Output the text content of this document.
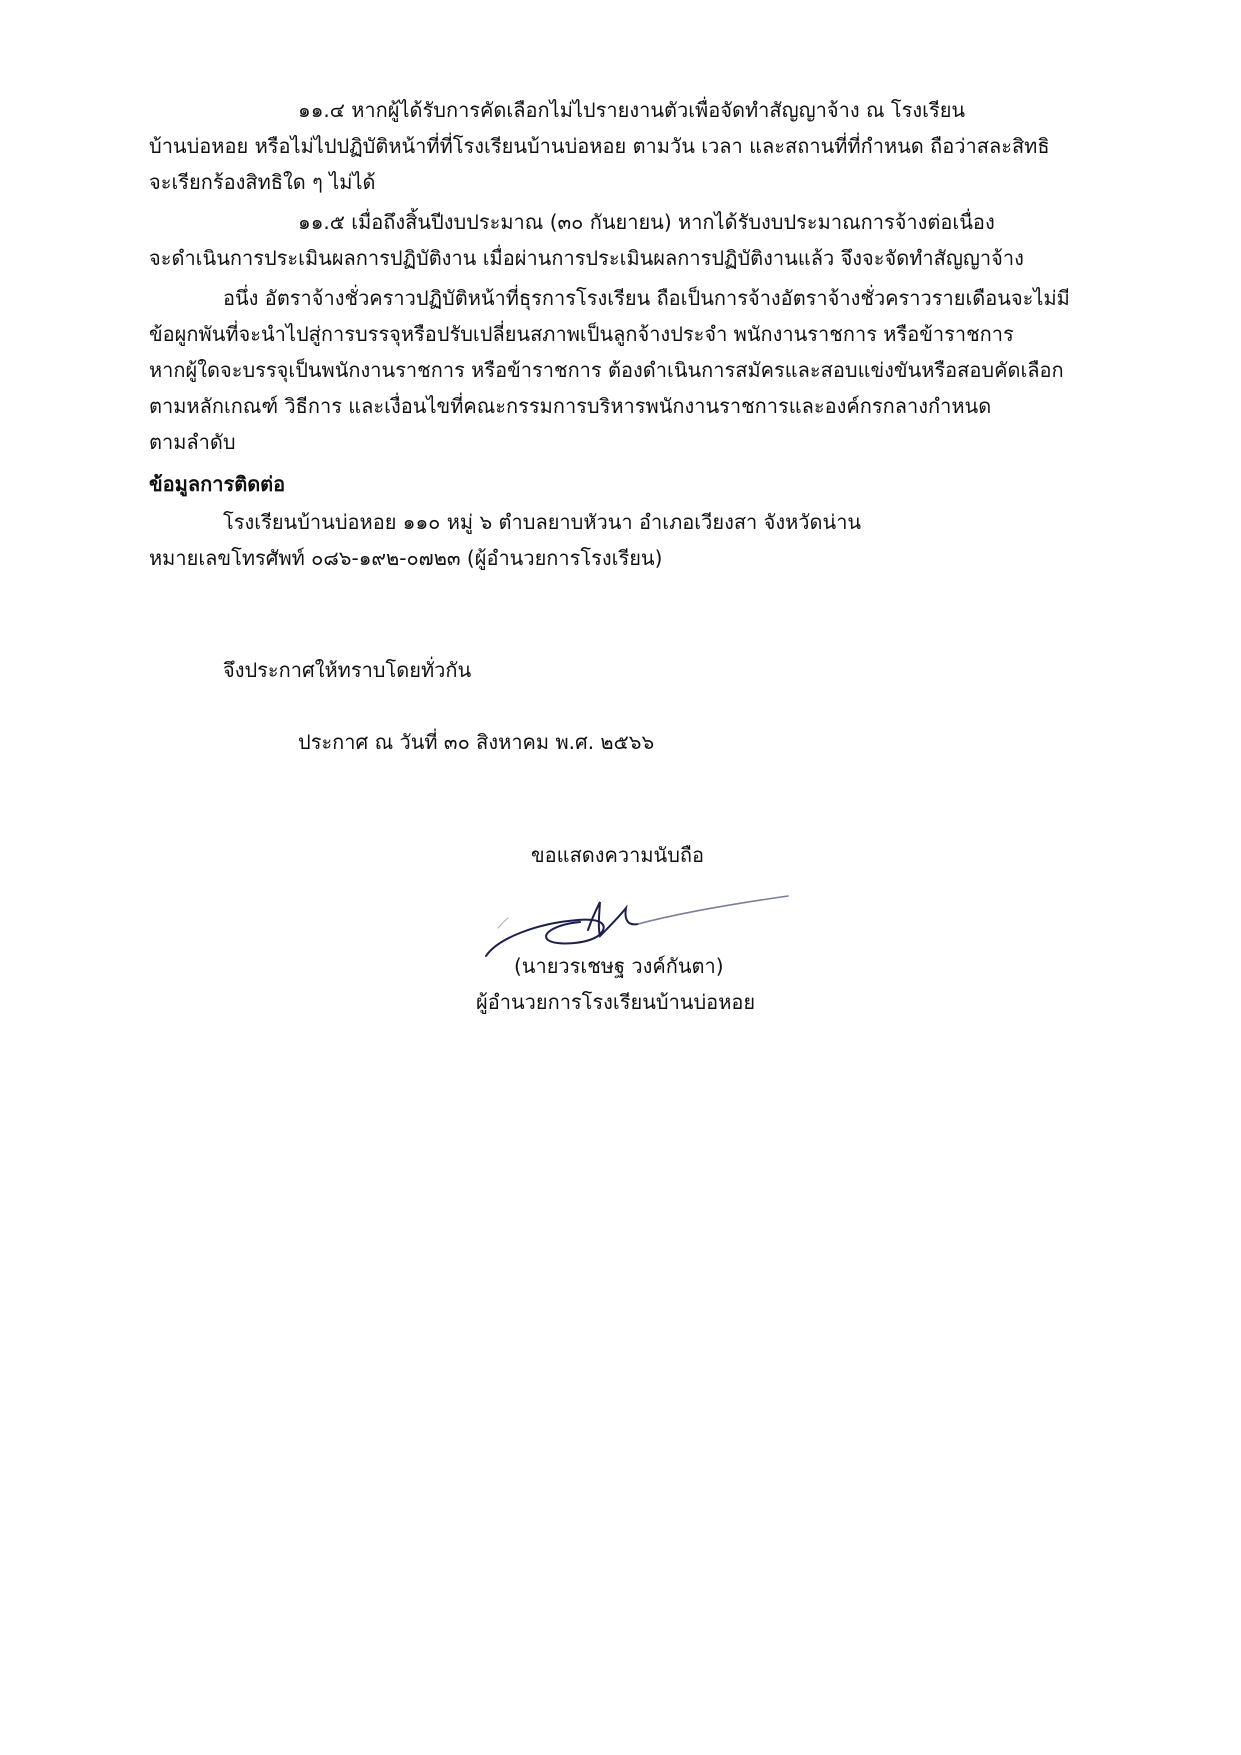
๑๑.๔ หากผู้ได้รับการคัดเลือกไม่ไปรายงานตัวเพื่อจัดทำสัญญาจ้าง ณ โรงเรียน
บ้านบ่อหอย หรือไม่ไปปฏิบัติหน้าที่ที่โรงเรียนบ้านบ่อหอย ตามวัน เวลา และสถานที่ที่กำหนด ถือว่าสละสิทธิ
จะเรียกร้องสิทธิใด ๆ ไม่ได้
๑๑.๕ เมื่อถึงสิ้นปีงบประมาณ (๓๐ กันยายน) หากได้รับงบประมาณการจ้างต่อเนื่อง
จะดำเนินการประเมินผลการปฏิบัติงาน เมื่อผ่านการประเมินผลการปฏิบัติงานแล้ว จึงจะจัดทำสัญญาจ้าง
อนึ่ง อัตราจ้างชั่วคราวปฏิบัติหน้าที่ธุรการโรงเรียน ถือเป็นการจ้างอัตราจ้างชั่วคราวรายเดือนจะไม่มี
ข้อผูกพันที่จะนำไปสู่การบรรจุหรือปรับเปลี่ยนสภาพเป็นลูกจ้างประจำ พนักงานราชการ หรือข้าราชการ
หากผู้ใดจะบรรจุเป็นพนักงานราชการ หรือข้าราชการ ต้องดำเนินการสมัครและสอบแข่งขันหรือสอบคัดเลือก
ตามหลักเกณฑ์ วิธีการ และเงื่อนไขที่คณะกรรมการบริหารพนักงานราชการและองค์กรกลางกำหนด
ตามลำดับ
ข้อมูลการติดต่อ
โรงเรียนบ้านบ่อหอย ๑๑๐ หมู่ ๖ ตำบลยาบหัวนา อำเภอเวียงสา จังหวัดน่าน
หมายเลขโทรศัพท์ ๐๘๖-๑๙๒-๐๗๒๓ (ผู้อำนวยการโรงเรียน)
จึงประกาศให้ทราบโดยทั่วกัน
ประกาศ ณ วันที่ ๓๐ สิงหาคม พ.ศ. ๒๕๖๖
ขอแสดงความนับถือ
(นายวรเชษฐ วงค์กันตา)
ผู้อำนวยการโรงเรียนบ้านบ่อหอย
